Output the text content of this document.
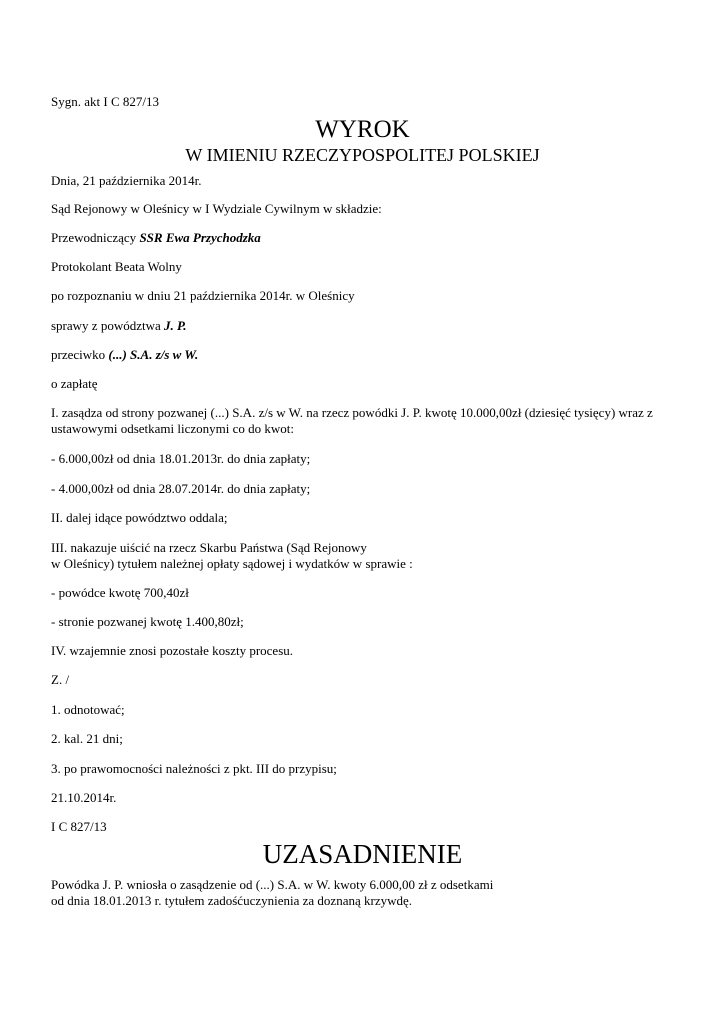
Sygn. akt I C 827/13
WYROK
W IMIENIU RZECZYPOSPOLITEJ POLSKIEJ
Dnia, 21 października 2014r.
Sąd Rejonowy w Oleśnicy w I Wydziale Cywilnym w składzie:
Przewodniczący SSR Ewa Przychodzka
Protokolant Beata Wolny
po rozpoznaniu w dniu 21 października 2014r. w Oleśnicy
sprawy z powództwa J. P.
przeciwko (...) S.A. z/s w W.
o zapłatę
I. zasądza od strony pozwanej (...) S.A. z/s w W. na rzecz powódki J. P. kwotę 10.000,00zł (dziesięć tysięcy) wraz z
ustawowymi odsetkami liczonymi co do kwot:
- 6.000,00zł od dnia 18.01.2013r. do dnia zapłaty;
- 4.000,00zł od dnia 28.07.2014r. do dnia zapłaty;
II. dalej idące powództwo oddala;
III. nakazuje uiścić na rzecz Skarbu Państwa (Sąd Rejonowy
w Oleśnicy) tytułem należnej opłaty sądowej i wydatków w sprawie :
- powódce kwotę 700,40zł
- stronie pozwanej kwotę 1.400,80zł;
IV. wzajemnie znosi pozostałe koszty procesu.
Z. /
1. odnotować;
2. kal. 21 dni;
3. po prawomocności należności z pkt. III do przypisu;
21.10.2014r.
I C 827/13
UZASADNIENIE
Powódka J. P. wniosła o zasądzenie od (...) S.A. w W. kwoty 6.000,00 zł z odsetkami
od dnia 18.01.2013 r. tytułem zadośćuczynienia za doznaną krzywdę.
